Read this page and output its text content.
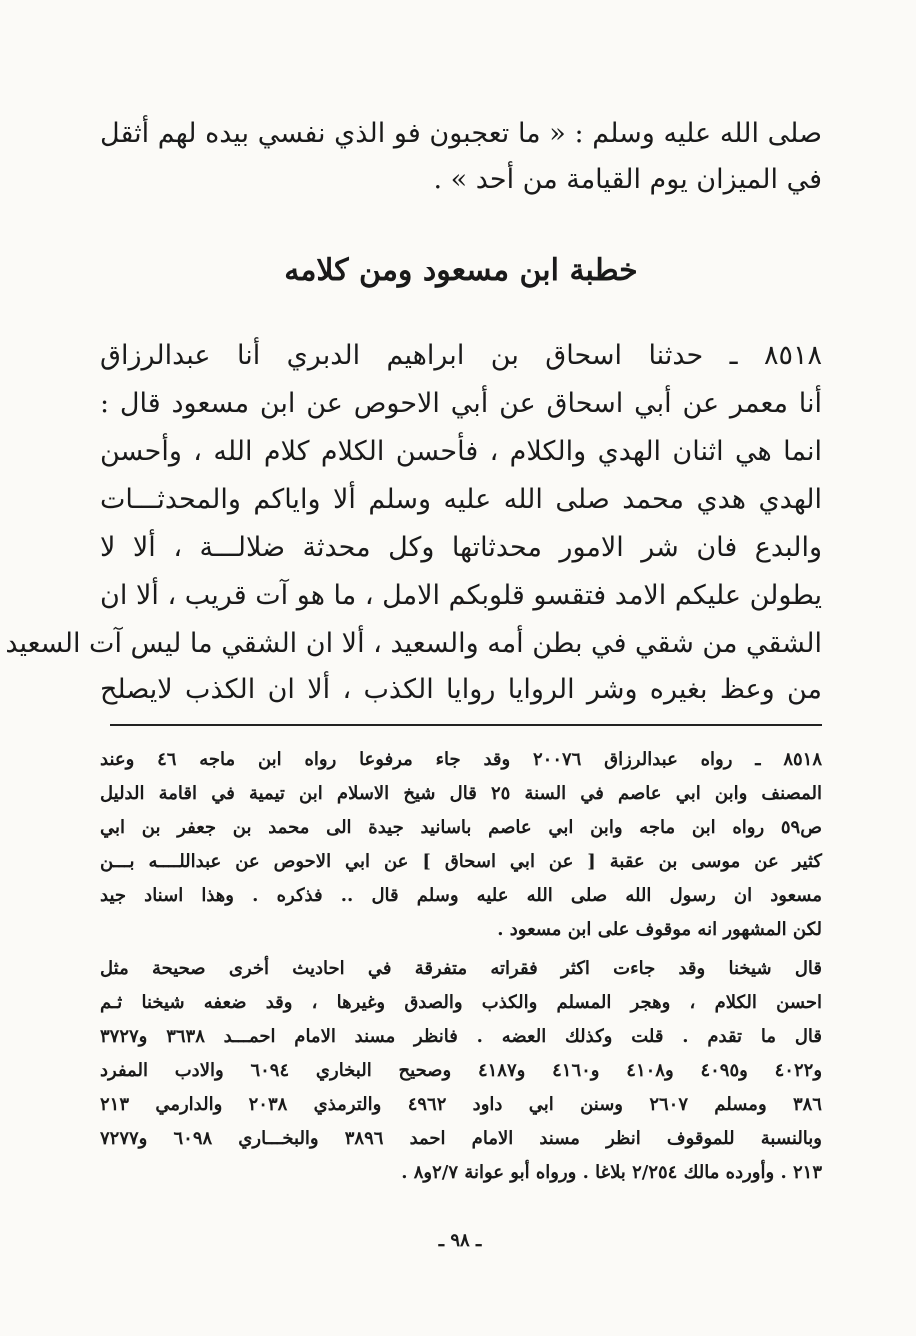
صلى الله عليه وسلم : « ما تعجبون فو الذي نفسي بيده لهم أثقل
في الميزان يوم القيامة من أحد » .
خطبة ابن مسعود ومن كلامه
٨٥١٨ ـ حدثنا اسحاق بن ابراهيم الدبري أنا عبدالرزاق
أنا معمر عن أبي اسحاق عن أبي الاحوص عن ابن مسعود قال :
انما هي اثنان الهدي والكلام ، فأحسن الكلام كلام الله ، وأحسن
الهدي هدي محمد صلى الله عليه وسلم ألا واياكم والمحدثـــات
والبدع فان شر الامور محدثاتها وكل محدثة ضلالـــة ، ألا لا
يطولن عليكم الامد فتقسو قلوبكم الامل ، ما هو آت قريب ، ألا ان
الشقي من شقي في بطن أمه والسعيد ، ألا ان الشقي ما ليس آت السعيد
من وعظ بغيره وشر الروايا روايا الكذب ، ألا ان الكذب لايصلح
٨٥١٨ ـ رواه عبدالرزاق ٢٠٠٧٦ وقد جاء مرفوعا رواه ابن ماجه ٤٦ وعند
المصنف وابن ابي عاصم في السنة ٢٥ قال شيخ الاسلام ابن تيمية في اقامة الدليل
ص٥٩ رواه ابن ماجه وابن ابي عاصم باسانيد جيدة الى محمد بن جعفر بن ابي
كثير عن موسى بن عقبة [ عن ابي اسحاق ] عن ابي الاحوص عن عبداللــــه بـــن
مسعود ان رسول الله صلى الله عليه وسلم قال .. فذكره . وهذا اسناد جيد
لكن المشهور انه موقوف على ابن مسعود .
قال شيخنا وقد جاءت اكثر فقراته متفرقة في احاديث أخرى صحيحة مثل
احسن الكلام ، وهجر المسلم والكذب والصدق وغيرها ، وقد ضعفه شيخنا ثـم
قال ما تقدم . قلت وكذلك العضه . فانظر مسند الامام احمـــد ٣٦٣٨ و٣٧٢٧
و٤٠٢٢ و٤٠٩٥ و٤١٠٨ و٤١٦٠ و٤١٨٧ وصحيح البخاري ٦٠٩٤ والادب المفرد
٣٨٦ ومسلم ٢٦٠٧ وسنن ابي داود ٤٩٦٢ والترمذي ٢٠٣٨ والدارمي ٢١٣
وبالنسبة للموقوف انظر مسند الامام احمد ٣٨٩٦ والبخـــاري ٦٠٩٨ و٧٢٧٧
٢١٣ . وأورده مالك ٢/٢٥٤ بلاغا . ورواه أبو عوانة ٢/٧و٨ .
ـ ٩٨ ـ
